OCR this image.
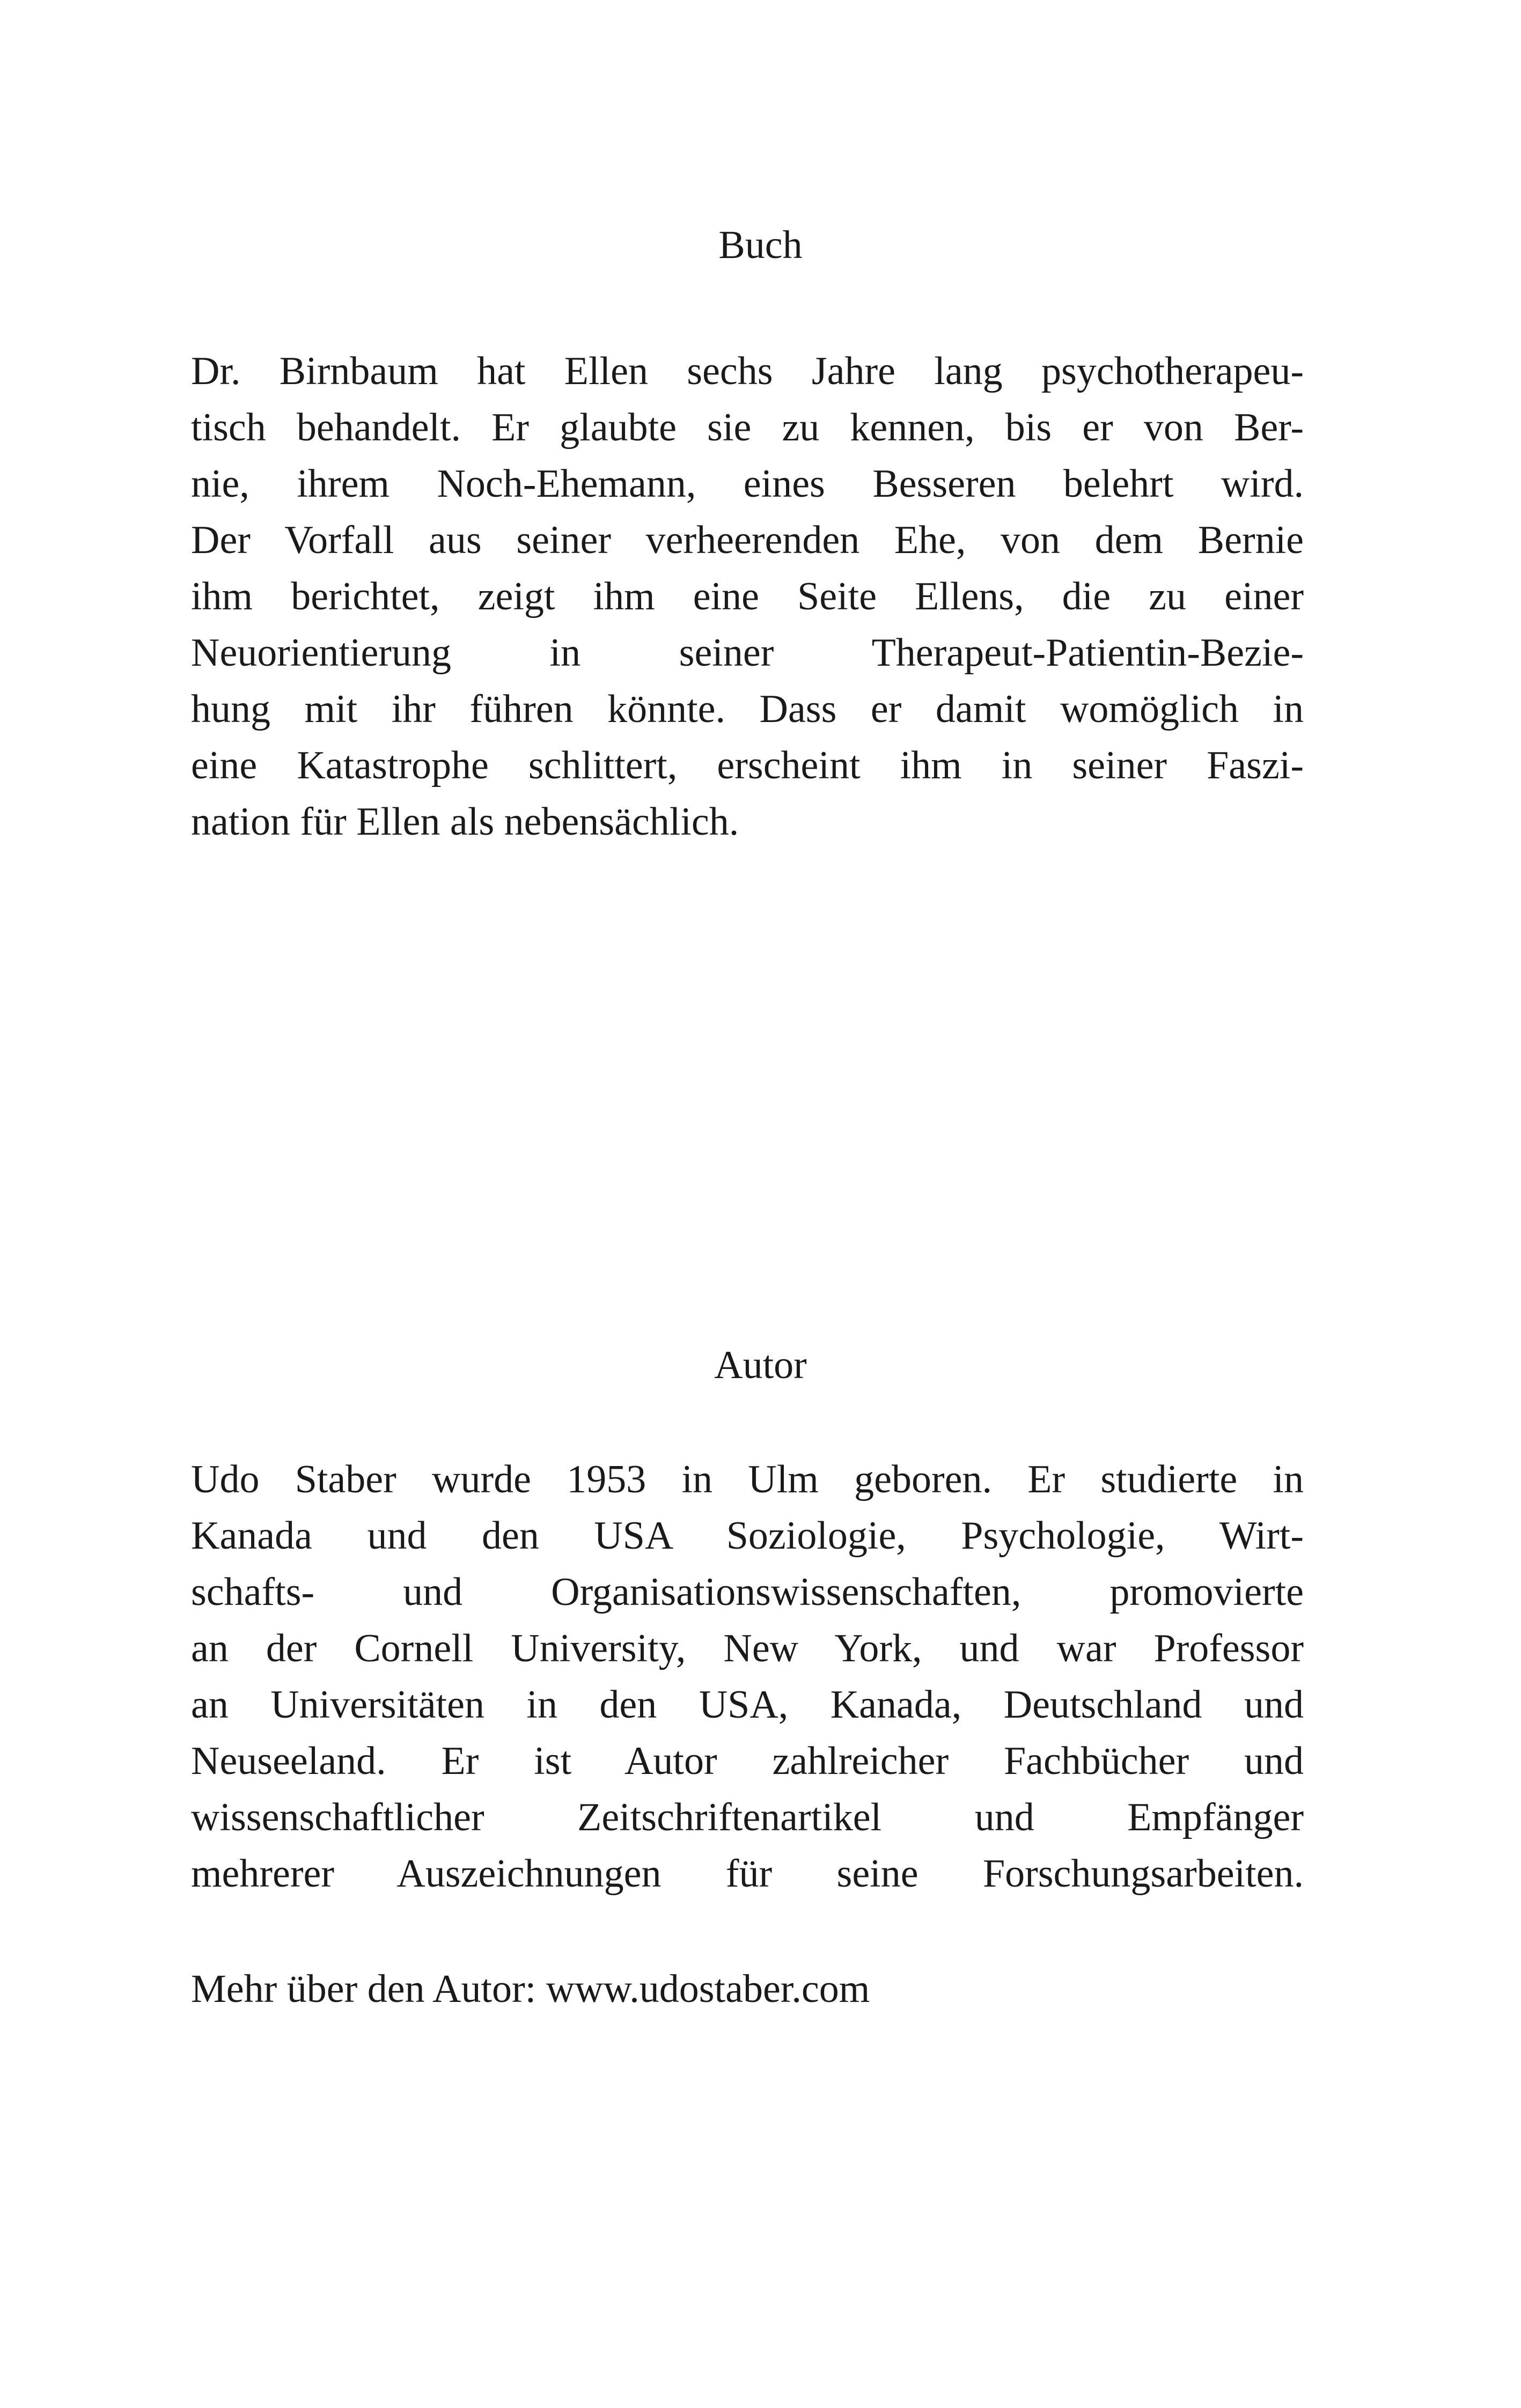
Buch
Dr. Birnbaum hat Ellen sechs Jahre lang psychotherapeu-
tisch behandelt. Er glaubte sie zu kennen, bis er von Ber-
nie, ihrem Noch-Ehemann, eines Besseren belehrt wird.
Der Vorfall aus seiner verheerenden Ehe, von dem Bernie
ihm berichtet, zeigt ihm eine Seite Ellens, die zu einer
Neuorientierung in seiner Therapeut-Patientin-Bezie-
hung mit ihr führen könnte. Dass er damit womöglich in
eine Katastrophe schlittert, erscheint ihm in seiner Faszi-
nation für Ellen als nebensächlich.
Autor
Udo Staber wurde 1953 in Ulm geboren. Er studierte in
Kanada und den USA Soziologie, Psychologie, Wirt-
schafts- und Organisationswissenschaften, promovierte
an der Cornell University, New York, und war Professor
an Universitäten in den USA, Kanada, Deutschland und
Neuseeland. Er ist Autor zahlreicher Fachbücher und
wissenschaftlicher Zeitschriftenartikel und Empfänger
mehrerer Auszeichnungen für seine Forschungsarbeiten.
Mehr über den Autor: www.udostaber.com
